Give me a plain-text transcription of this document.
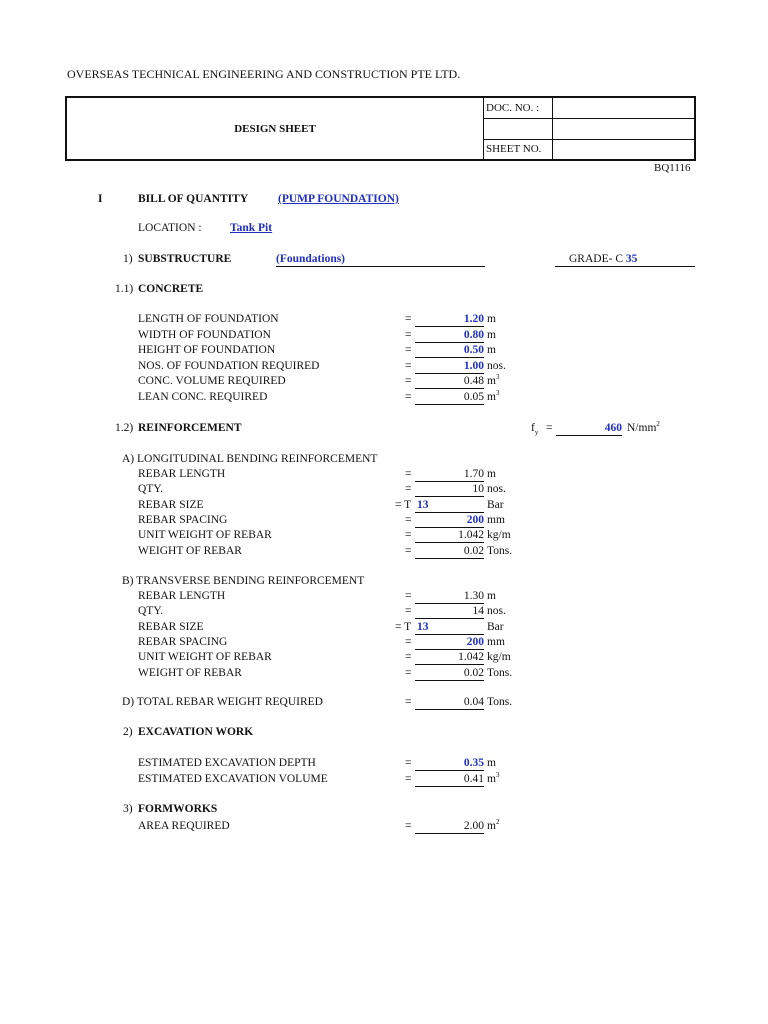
OVERSEAS TECHNICAL ENGINEERING AND CONSTRUCTION PTE LTD.
DESIGN SHEET	DOC. NO. :	

	SHEET NO.	
BQ1116
I	BILL OF QUANTITY	(PUMP FOUNDATION)
LOCATION : Tank Pit
1) SUBSTRUCTURE	(Foundations)	GRADE- C 35
1.1) CONCRETE
LENGTH OF FOUNDATION	=	1.20 m
WIDTH OF FOUNDATION	=	0.80 m
HEIGHT OF FOUNDATION	=	0.50 m
NOS. OF FOUNDATION REQUIRED	=	1.00 nos.
CONC. VOLUME REQUIRED	=	0.48 $m^3$
LEAN CONC. REQUIRED	=	0.05 $m^3$
1.2) REINFORCEMENT	$f_y$ =	460 $N/mm^2$
A) LONGITUDINAL BENDING REINFORCEMENT
REBAR LENGTH	=	1.70 m
QTY.	=	10 nos.
REBAR SIZE	= T 13	Bar
REBAR SPACING	=	200 mm
UNIT WEIGHT OF REBAR	=	1.042 kg/m
WEIGHT OF REBAR	=	0.02 Tons.
B) TRANSVERSE BENDING REINFORCEMENT
REBAR LENGTH	=	1.30 m
QTY.	=	14 nos.
REBAR SIZE	= T 13	Bar
REBAR SPACING	=	200 mm
UNIT WEIGHT OF REBAR	=	1.042 kg/m
WEIGHT OF REBAR	=	0.02 Tons.
D) TOTAL REBAR WEIGHT REQUIRED	=	0.04 Tons.
2) EXCAVATION WORK
ESTIMATED EXCAVATION DEPTH	=	0.35 m
ESTIMATED EXCAVATION VOLUME	=	0.41 $m^3$
3) FORMWORKS
AREA REQUIRED	=	2.00 $m^2$
